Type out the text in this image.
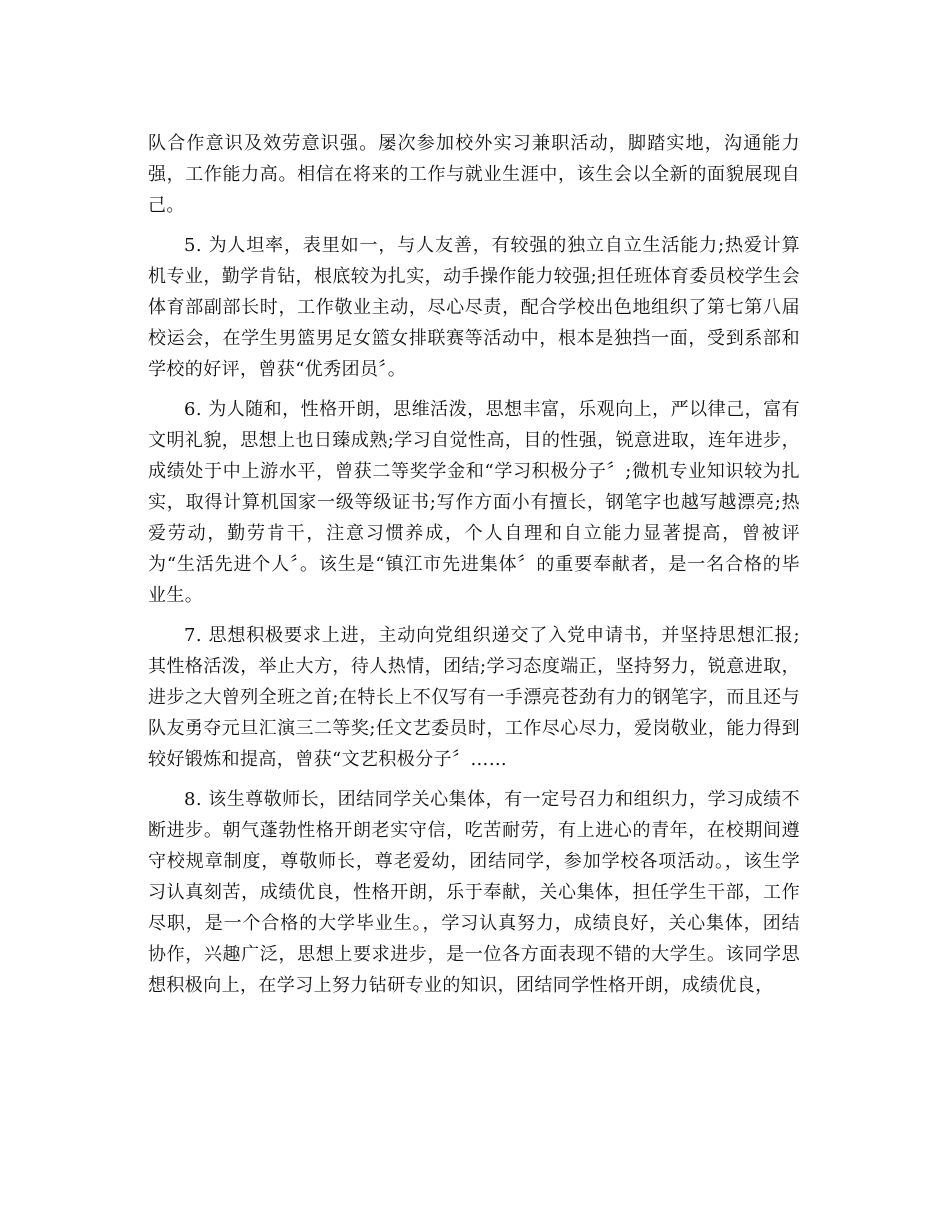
队合作意识及效劳意识强。屡次参加校外实习兼职活动，脚踏实地，沟通能力强，工作能力高。相信在将来的工作与就业生涯中，该生会以全新的面貌展现自己。

5. 为人坦率，表里如一，与人友善，有较强的独立自立生活能力;热爱计算机专业，勤学肯钻，根底较为扎实，动手操作能力较强;担任班体育委员校学生会体育部副部长时，工作敬业主动，尽心尽责，配合学校出色地组织了第七第八届校运会，在学生男篮男足女篮女排联赛等活动中，根本是独挡一面，受到系部和学校的好评，曾获“优秀团员〞。

6. 为人随和，性格开朗，思维活泼，思想丰富，乐观向上，严以律己，富有文明礼貌，思想上也日臻成熟;学习自觉性高，目的性强，锐意进取，连年进步，成绩处于中上游水平，曾获二等奖学金和“学习积极分子〞;微机专业知识较为扎实，取得计算机国家一级等级证书;写作方面小有擅长，钢笔字也越写越漂亮;热爱劳动，勤劳肯干，注意习惯养成，个人自理和自立能力显著提高，曾被评为“生活先进个人〞。该生是“镇江市先进集体〞的重要奉献者，是一名合格的毕业生。

7. 思想积极要求上进，主动向党组织递交了入党申请书，并坚持思想汇报;其性格活泼，举止大方，待人热情，团结;学习态度端正，坚持努力，锐意进取，进步之大曾列全班之首;在特长上不仅写有一手漂亮苍劲有力的钢笔字，而且还与队友勇夺元旦汇演三二等奖;任文艺委员时，工作尽心尽力，爱岗敬业，能力得到较好锻炼和提高，曾获“文艺积极分子〞……

8. 该生尊敬师长，团结同学关心集体，有一定号召力和组织力，学习成绩不断进步。朝气蓬勃性格开朗老实守信，吃苦耐劳，有上进心的青年，在校期间遵守校规章制度，尊敬师长，尊老爱幼，团结同学，参加学校各项活动。，该生学习认真刻苦，成绩优良，性格开朗，乐于奉献，关心集体，担任学生干部，工作尽职，是一个合格的大学毕业生。，学习认真努力，成绩良好，关心集体，团结协作，兴趣广泛，思想上要求进步，是一位各方面表现不错的大学生。该同学思想积极向上，在学习上努力钻研专业的知识，团结同学性格开朗，成绩优良，
